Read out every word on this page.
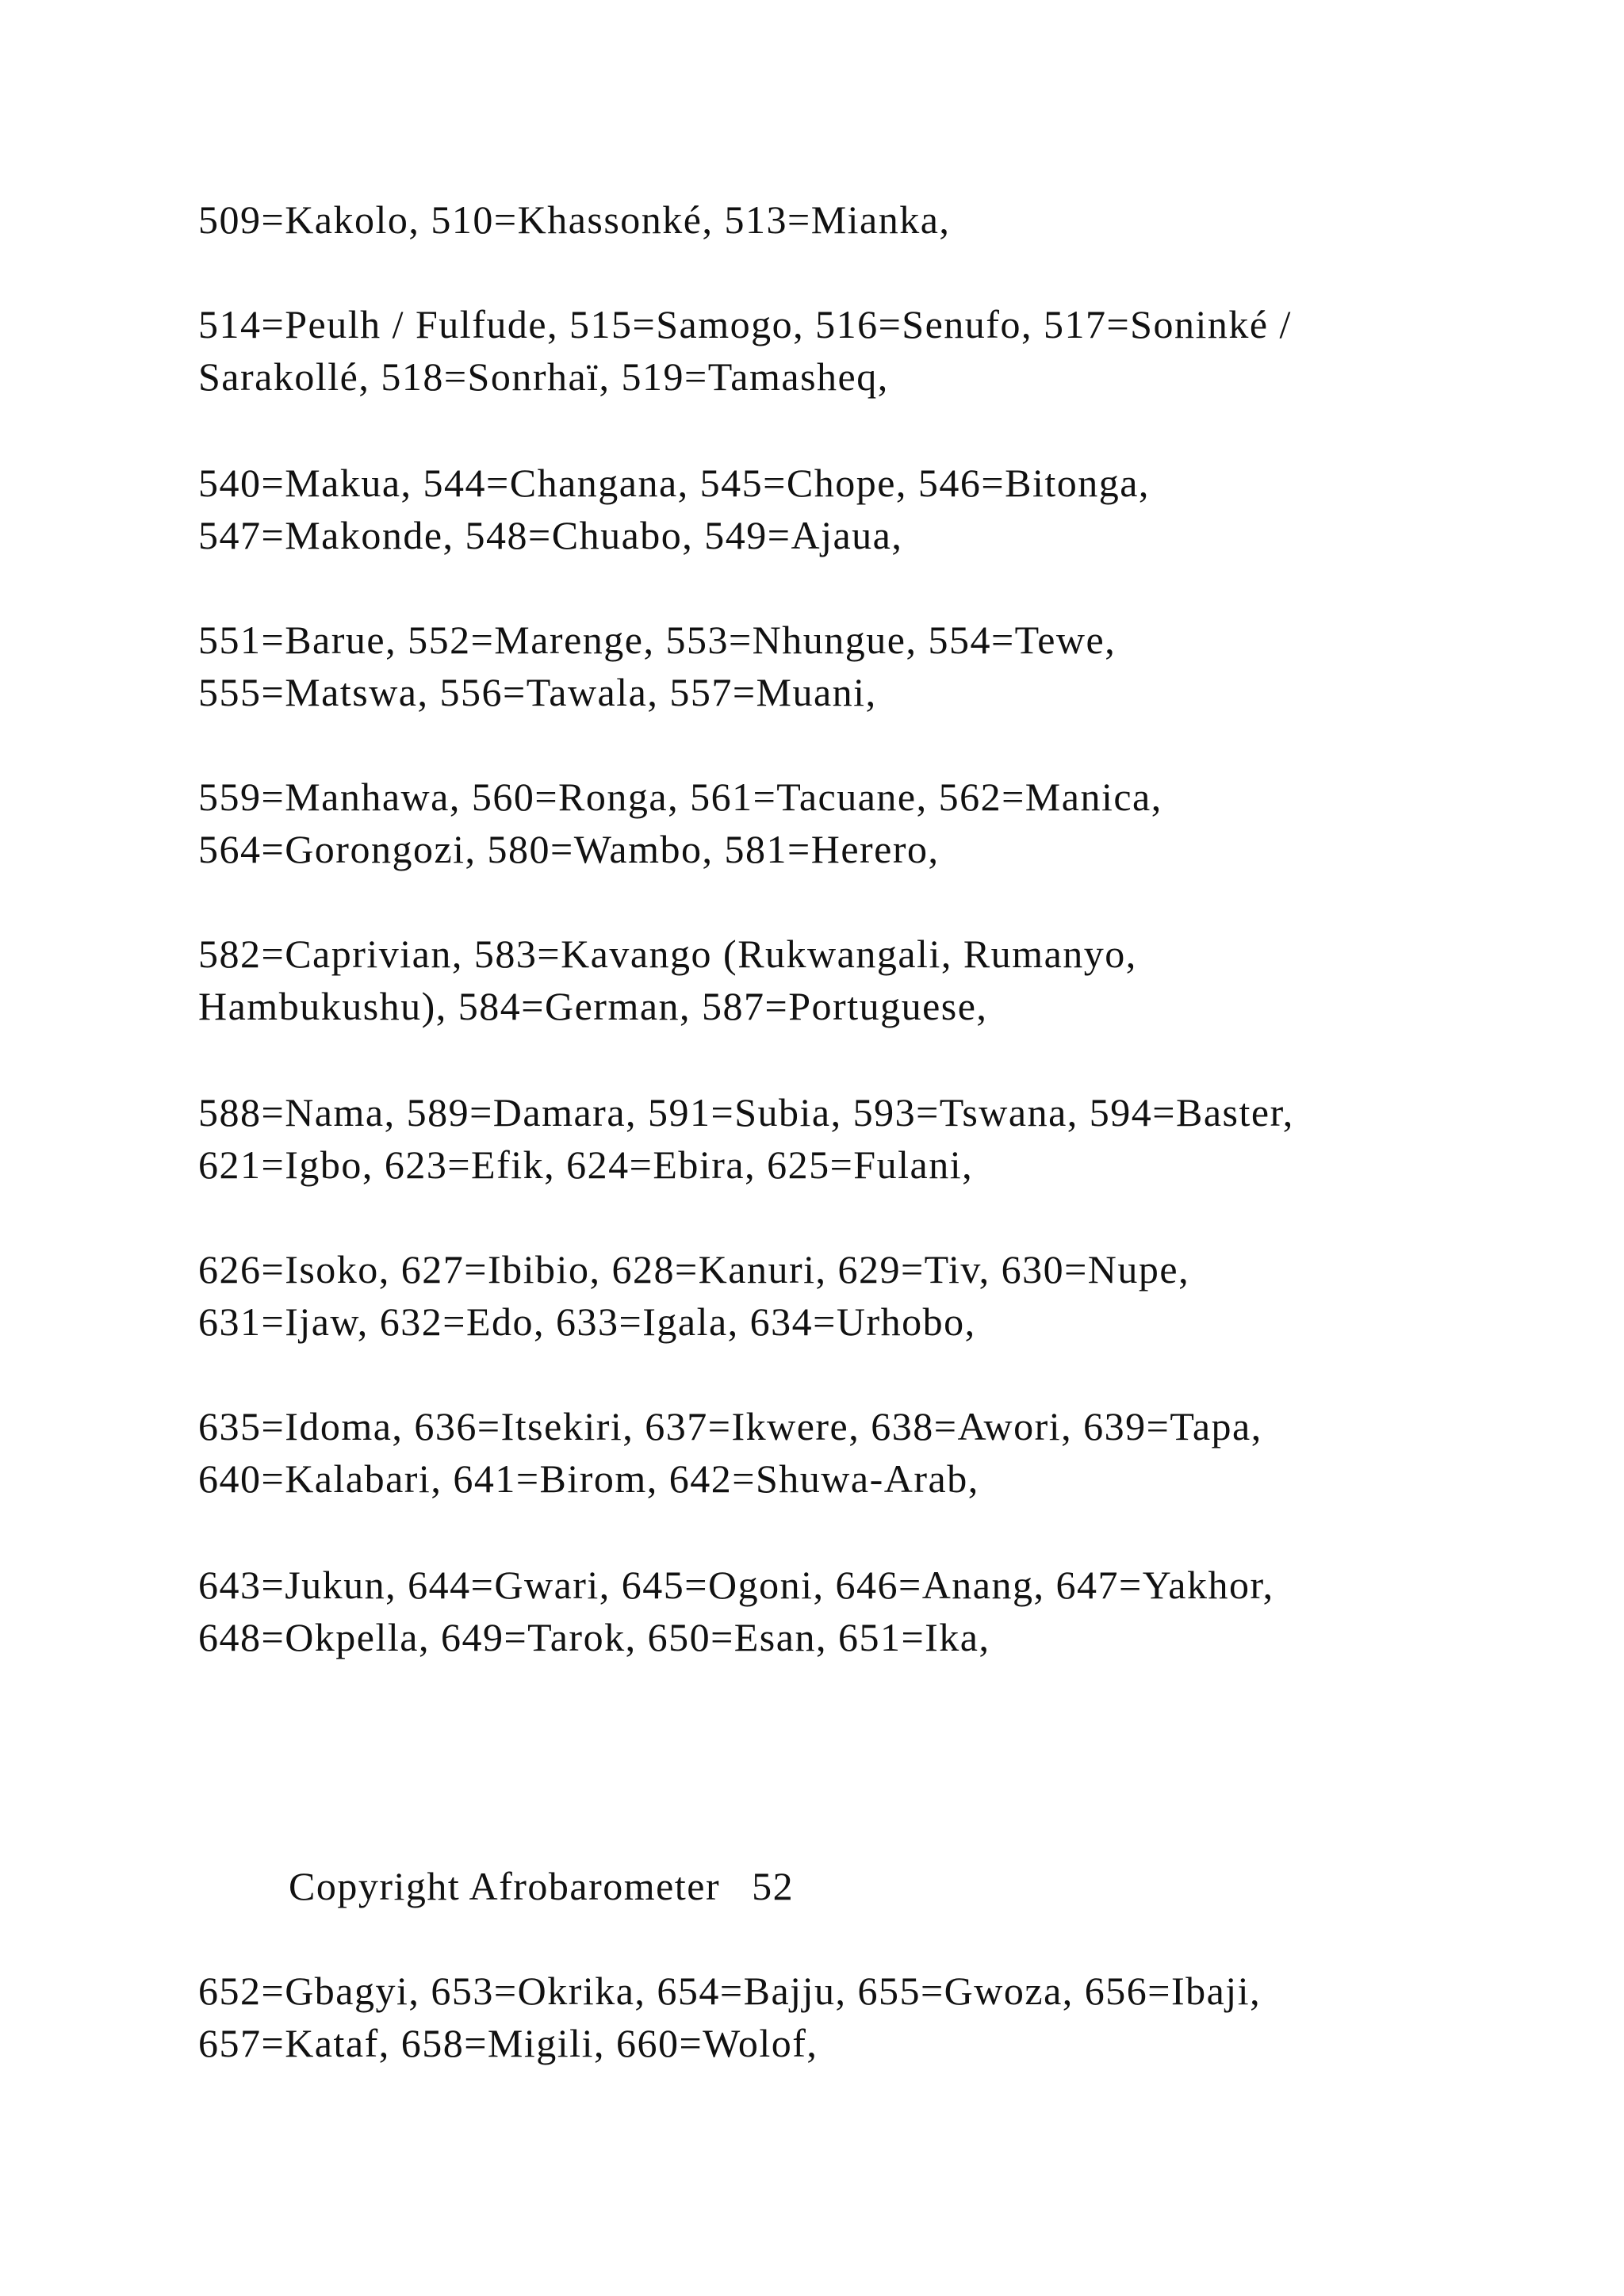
509=Kakolo, 510=Khassonké, 513=Mianka,

514=Peulh / Fulfude, 515=Samogo, 516=Senufo, 517=Soninké /
Sarakollé, 518=Sonrhaï, 519=Tamasheq,

540=Makua, 544=Changana, 545=Chope, 546=Bitonga,
547=Makonde, 548=Chuabo, 549=Ajaua,

551=Barue, 552=Marenge, 553=Nhungue, 554=Tewe,
555=Matswa, 556=Tawala, 557=Muani,

559=Manhawa, 560=Ronga, 561=Tacuane, 562=Manica,
564=Gorongozi, 580=Wambo, 581=Herero,

582=Caprivian, 583=Kavango (Rukwangali, Rumanyo,
Hambukushu), 584=German, 587=Portuguese,

588=Nama, 589=Damara, 591=Subia, 593=Tswana, 594=Baster,
621=Igbo, 623=Efik, 624=Ebira, 625=Fulani,

626=Isoko, 627=Ibibio, 628=Kanuri, 629=Tiv, 630=Nupe,
631=Ijaw, 632=Edo, 633=Igala, 634=Urhobo,

635=Idoma, 636=Itsekiri, 637=Ikwere, 638=Awori, 639=Tapa,
640=Kalabari, 641=Birom, 642=Shuwa-Arab,

643=Jukun, 644=Gwari, 645=Ogoni, 646=Anang, 647=Yakhor,
648=Okpella, 649=Tarok, 650=Esan, 651=Ika,

Copyright Afrobarometer 52

652=Gbagyi, 653=Okrika, 654=Bajju, 655=Gwoza, 656=Ibaji,
657=Kataf, 658=Migili, 660=Wolof,
